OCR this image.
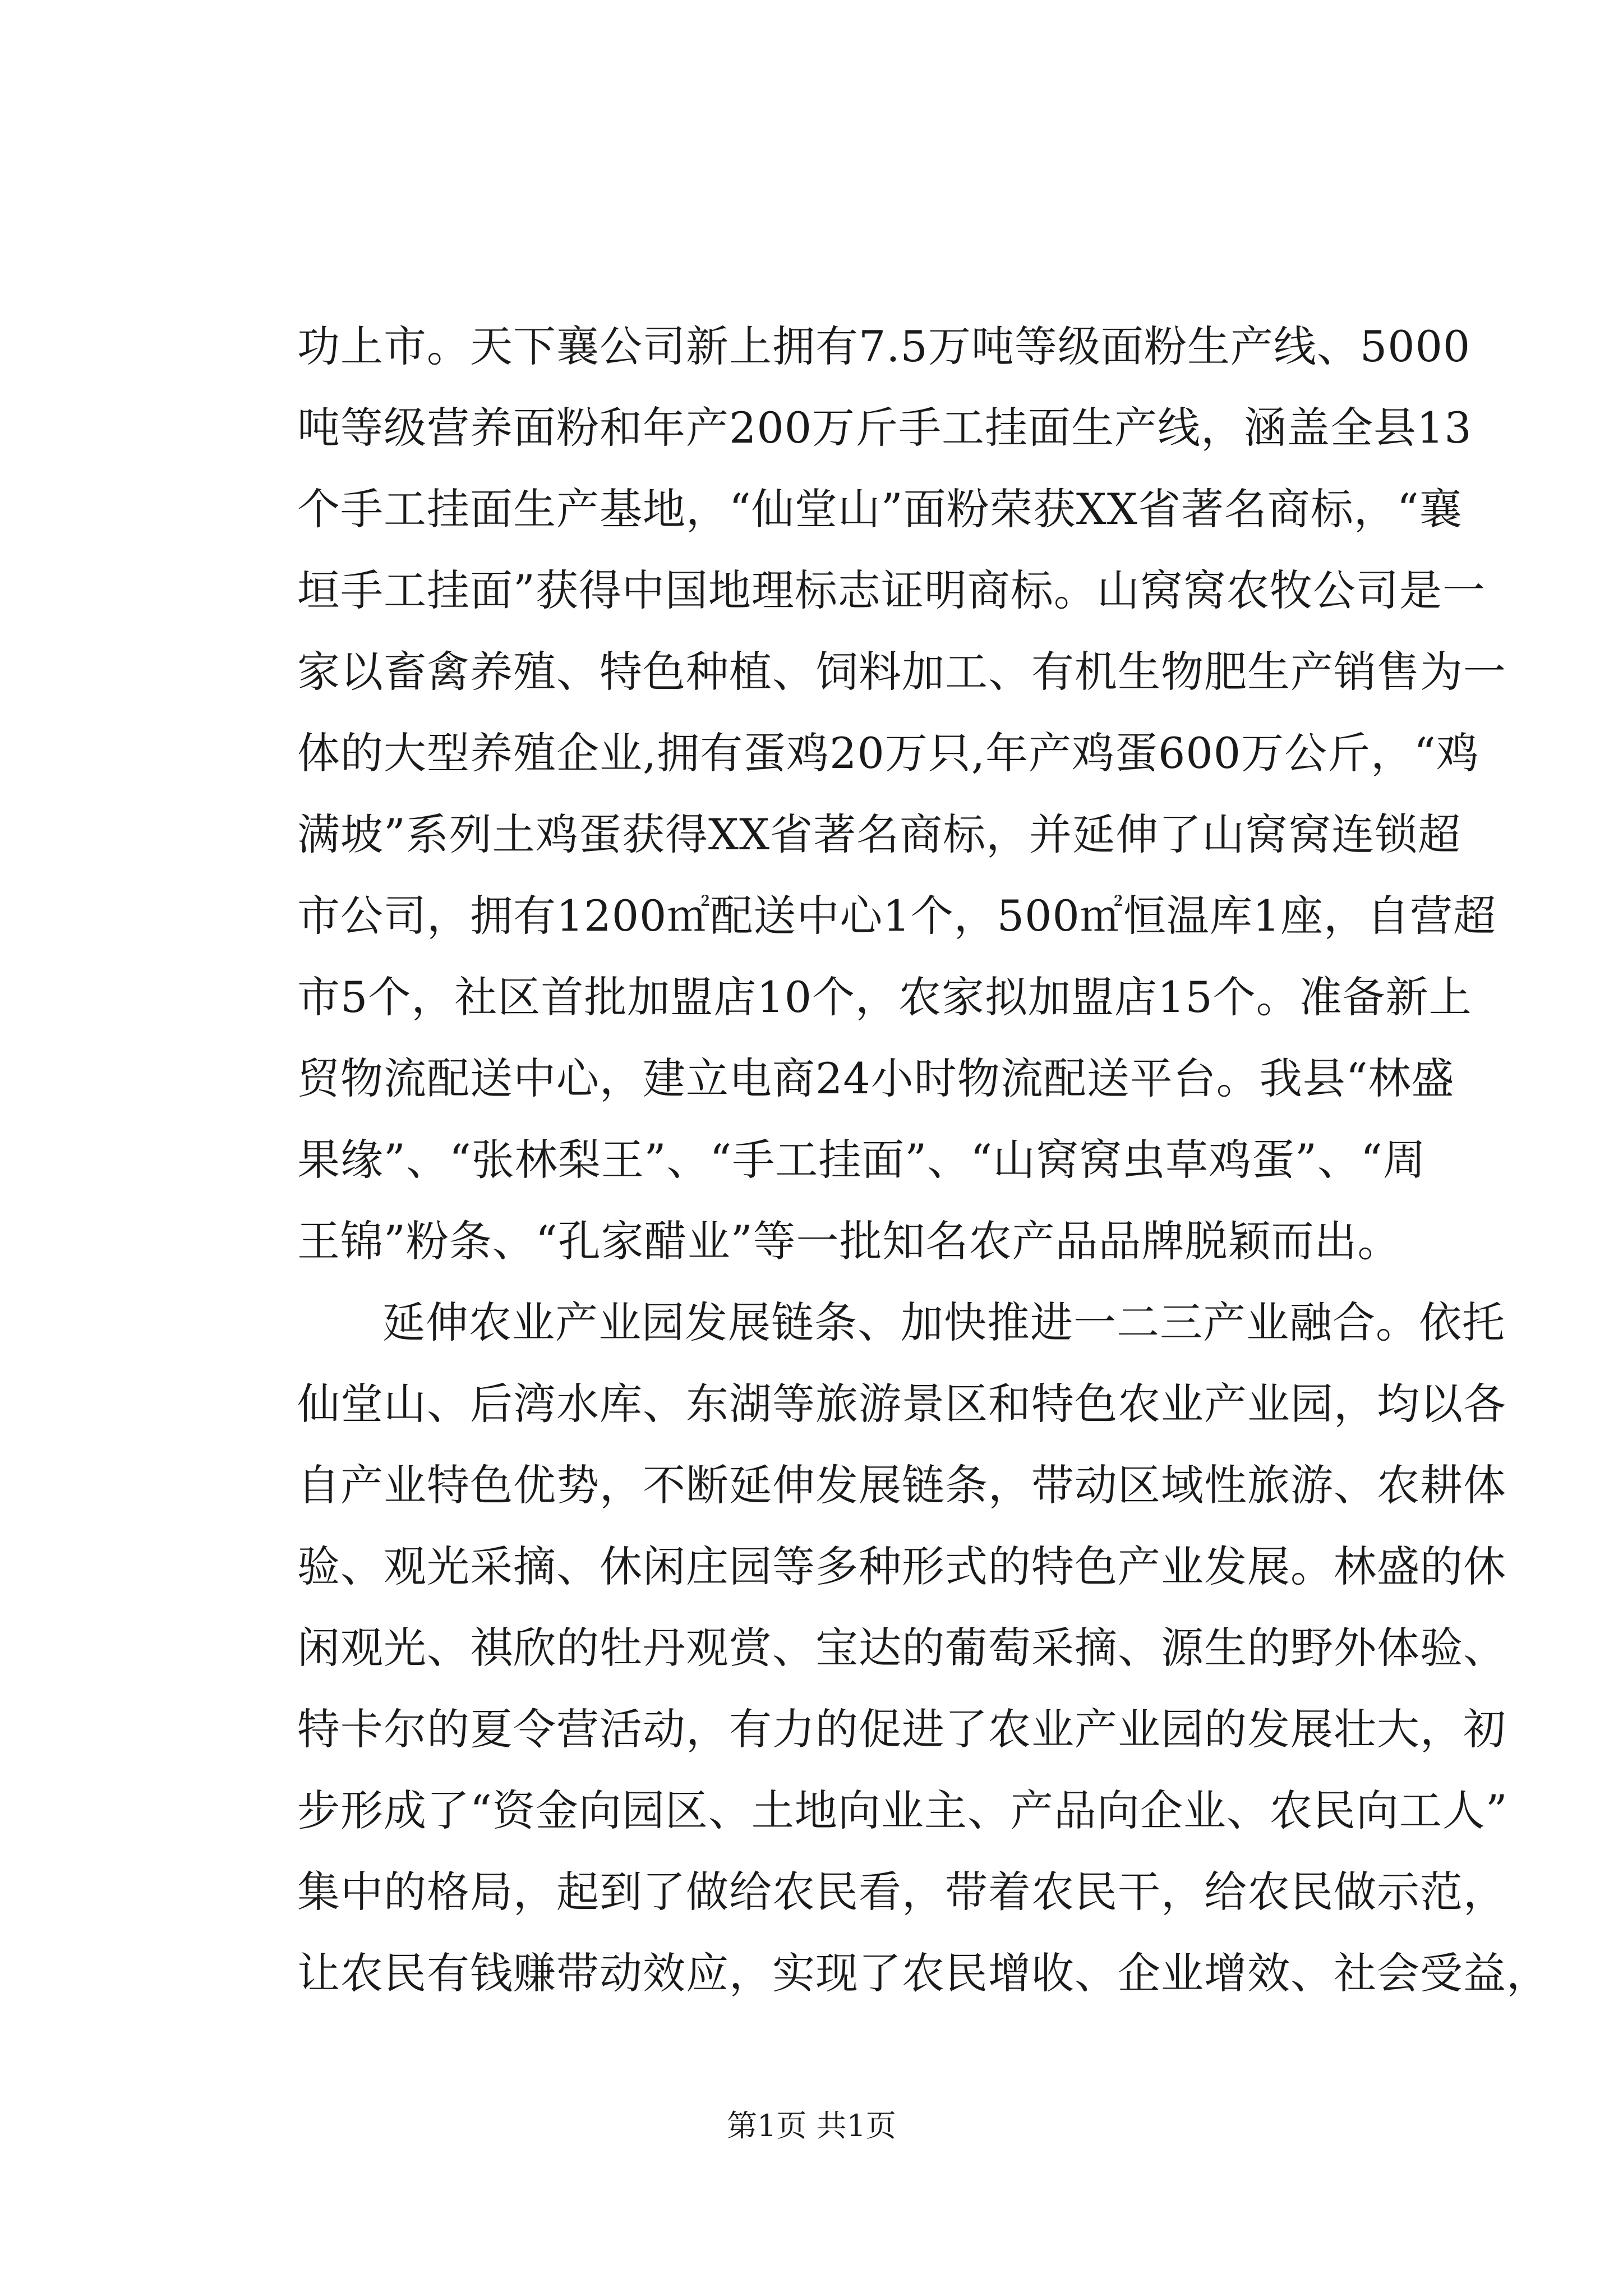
功上市。天下襄公司新上拥有7.5万吨等级面粉生产线、5000
吨等级营养面粉和年产200万斤手工挂面生产线，涵盖全县13
个手工挂面生产基地，“仙堂山”面粉荣获XX省著名商标，“襄
垣手工挂面”获得中国地理标志证明商标。山窝窝农牧公司是一
家以畜禽养殖、特色种植、饲料加工、有机生物肥生产销售为一
体的大型养殖企业,拥有蛋鸡20万只,年产鸡蛋600万公斤，“鸡
满坡”系列土鸡蛋获得XX省著名商标，并延伸了山窝窝连锁超
市公司，拥有1200㎡配送中心1个，500㎡恒温库1座，自营超
市5个，社区首批加盟店10个，农家拟加盟店15个。准备新上
贸物流配送中心，建立电商24小时物流配送平台。我县“林盛
果缘”、“张林梨王”、“手工挂面”、“山窝窝虫草鸡蛋”、“周
王锦”粉条、“孔家醋业”等一批知名农产品品牌脱颖而出。
延伸农业产业园发展链条、加快推进一二三产业融合。依托
仙堂山、后湾水库、东湖等旅游景区和特色农业产业园，均以各
自产业特色优势，不断延伸发展链条，带动区域性旅游、农耕体
验、观光采摘、休闲庄园等多种形式的特色产业发展。林盛的休
闲观光、祺欣的牡丹观赏、宝达的葡萄采摘、源生的野外体验、
特卡尔的夏令营活动，有力的促进了农业产业园的发展壮大，初
步形成了“资金向园区、土地向业主、产品向企业、农民向工人”
集中的格局，起到了做给农民看，带着农民干，给农民做示范，
让农民有钱赚带动效应，实现了农民增收、企业增效、社会受益，
第1页 共1页
